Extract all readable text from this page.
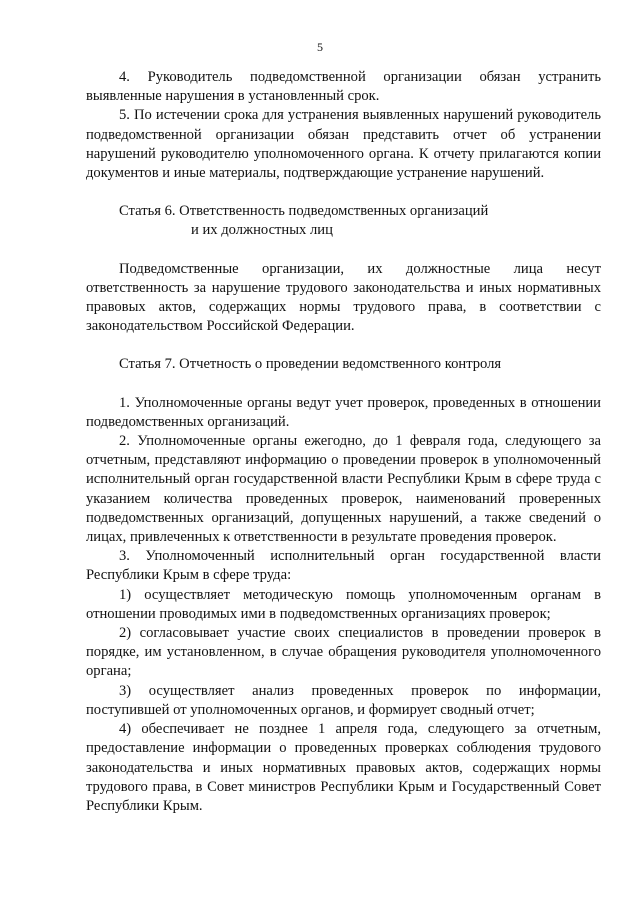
5

4. Руководитель подведомственной организации обязан устранить выявленные нарушения в установленный срок.

5. По истечении срока для устранения выявленных нарушений руководитель подведомственной организации обязан представить отчет об устранении нарушений руководителю уполномоченного органа. К отчету прилагаются копии документов и иные материалы, подтверждающие устранение нарушений.

Статья 6. Ответственность подведомственных организаций

и их должностных лиц

Подведомственные организации, их должностные лица несут ответственность за нарушение трудового законодательства и иных нормативных правовых актов, содержащих нормы трудового права, в соответствии с законодательством Российской Федерации.

Статья 7. Отчетность о проведении ведомственного контроля

1. Уполномоченные органы ведут учет проверок, проведенных в отношении подведомственных организаций.

2. Уполномоченные органы ежегодно, до 1 февраля года, следующего за отчетным, представляют информацию о проведении проверок в уполномоченный исполнительный орган государственной власти Республики Крым в сфере труда с указанием количества проведенных проверок, наименований проверенных подведомственных организаций, допущенных нарушений, а также сведений о лицах, привлеченных к ответственности в результате проведения проверок.

3. Уполномоченный исполнительный орган государственной власти Республики Крым в сфере труда:

1) осуществляет методическую помощь уполномоченным органам в отношении проводимых ими в подведомственных организациях проверок;

2) согласовывает участие своих специалистов в проведении проверок в порядке, им установленном, в случае обращения руководителя уполномоченного органа;

3) осуществляет анализ проведенных проверок по информации, поступившей от уполномоченных органов, и формирует сводный отчет;

4) обеспечивает не позднее 1 апреля года, следующего за отчетным, предоставление информации о проведенных проверках соблюдения трудового законодательства и иных нормативных правовых актов, содержащих нормы трудового права, в Совет министров Республики Крым и Государственный Совет Республики Крым.
